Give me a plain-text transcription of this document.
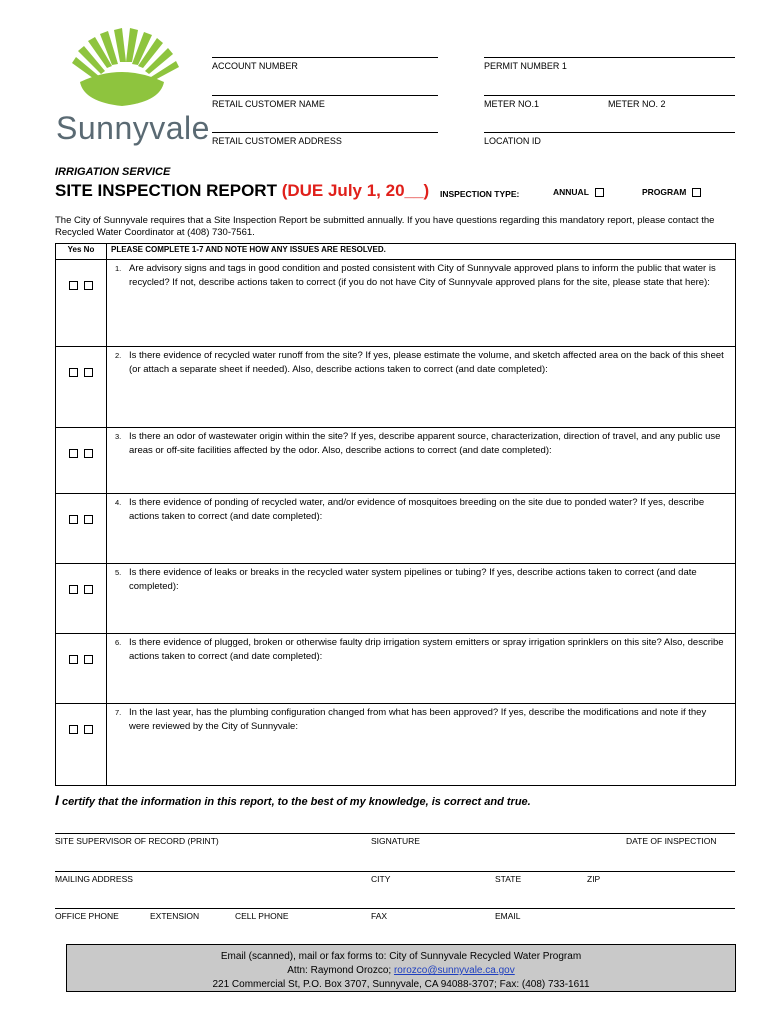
Sunnyvale
ACCOUNT NUMBER	PERMIT NUMBER 1
RETAIL CUSTOMER NAME	METER NO.1	METER NO. 2
RETAIL CUSTOMER ADDRESS	LOCATION ID
IRRIGATION SERVICE
SITE INSPECTION REPORT (DUE July 1, 20__) INSPECTION TYPE:	ANNUAL	PROGRAM
The City of Sunnyvale requires that a Site Inspection Report be submitted annually. If you have questions regarding this mandatory report, please contact the Recycled Water Coordinator at (408) 730-7561.
Yes No	PLEASE COMPLETE 1-7 AND NOTE HOW ANY ISSUES ARE RESOLVED.

	1. Are advisory signs and tags in good condition and posted consistent with City of Sunnyvale approved plans to inform the public that water is recycled? If not, describe actions taken to correct (if you do not have City of Sunnyvale approved plans for the site, please state that here):

	2. Is there evidence of recycled water runoff from the site? If yes, please estimate the volume, and sketch affected area on the back of this sheet (or attach a separate sheet if needed). Also, describe actions taken to correct (and date completed):

	3. Is there an odor of wastewater origin within the site? If yes, describe apparent source, characterization, direction of travel, and any public use areas or off-site facilities affected by the odor. Also, describe actions to correct (and date completed):

	4. Is there evidence of ponding of recycled water, and/or evidence of mosquitoes breeding on the site due to ponded water? If yes, describe actions taken to correct (and date completed):

	5. Is there evidence of leaks or breaks in the recycled water system pipelines or tubing? If yes, describe actions taken to correct (and date completed):

	6. Is there evidence of plugged, broken or otherwise faulty drip irrigation system emitters or spray irrigation sprinklers on this site? Also, describe actions taken to correct (and date completed):

	7. In the last year, has the plumbing configuration changed from what has been approved? If yes, describe the modifications and note if they were reviewed by the City of Sunnyvale:
I certify that the information in this report, to the best of my knowledge, is correct and true.
SITE SUPERVISOR OF RECORD (PRINT)	SIGNATURE	DATE OF INSPECTION
MAILING ADDRESS	CITY	STATE	ZIP
OFFICE PHONE	EXTENSION	CELL PHONE	FAX	EMAIL
Email (scanned), mail or fax forms to: City of Sunnyvale Recycled Water Program
Attn: Raymond Orozco; rorozco@sunnyvale.ca.gov
221 Commercial St, P.O. Box 3707, Sunnyvale, CA 94088-3707; Fax: (408) 733-1611
